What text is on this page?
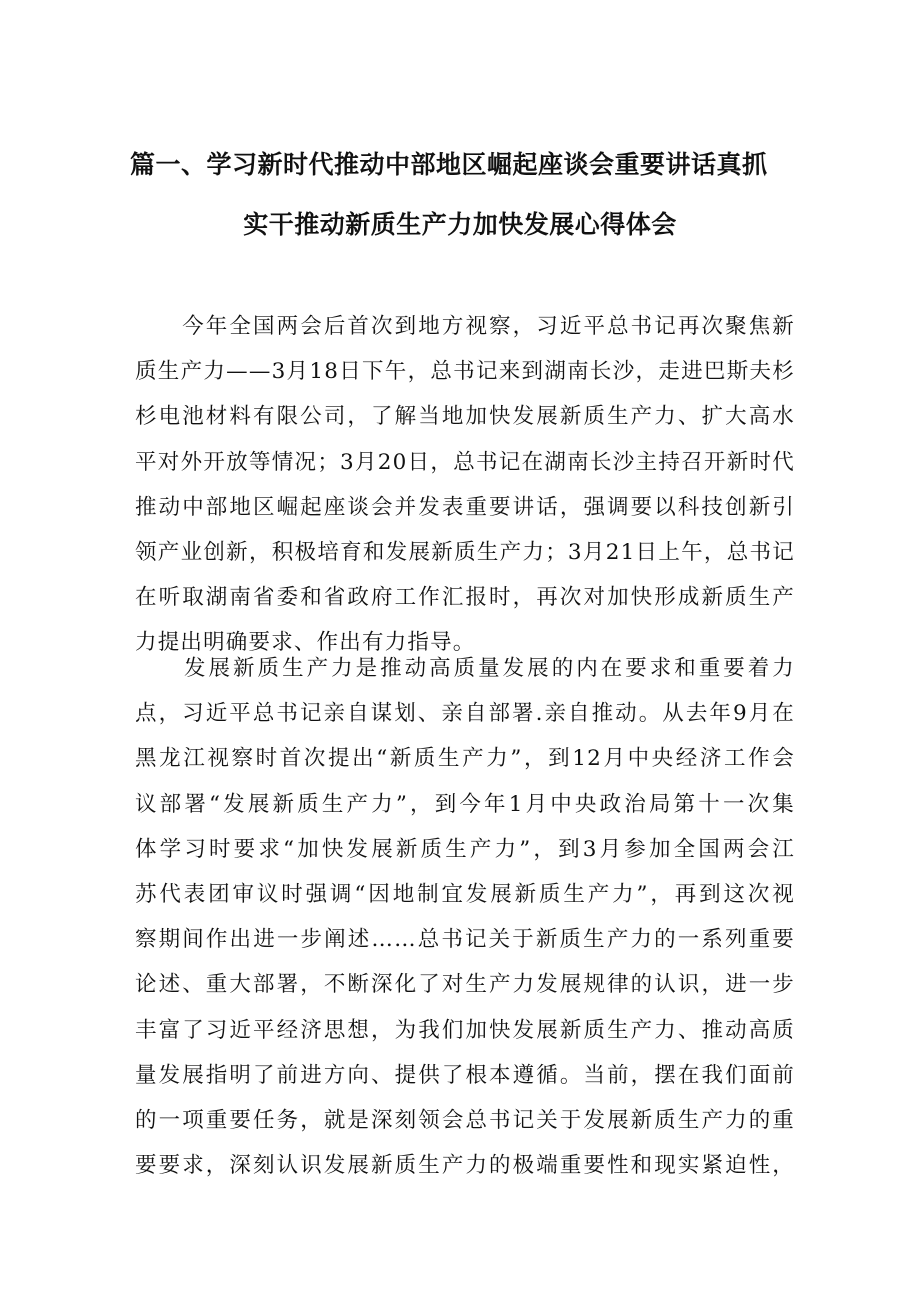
篇一、学习新时代推动中部地区崛起座谈会重要讲话真抓
实干推动新质生产力加快发展心得体会
　　今年全国两会后首次到地方视察，习近平总书记再次聚焦新
质生产力——3月18日下午，总书记来到湖南长沙，走进巴斯夫杉
杉电池材料有限公司，了解当地加快发展新质生产力、扩大高水
平对外开放等情况；3月20日，总书记在湖南长沙主持召开新时代
推动中部地区崛起座谈会并发表重要讲话，强调要以科技创新引
领产业创新，积极培育和发展新质生产力；3月21日上午，总书记
在听取湖南省委和省政府工作汇报时，再次对加快形成新质生产
力提出明确要求、作出有力指导。
　　发展新质生产力是推动高质量发展的内在要求和重要着力
点，习近平总书记亲自谋划、亲自部署.亲自推动。从去年9月在
黑龙江视察时首次提出“新质生产力”，到12月中央经济工作会
议部署“发展新质生产力”，到今年1月中央政治局第十一次集
体学习时要求“加快发展新质生产力”，到3月参加全国两会江
苏代表团审议时强调“因地制宜发展新质生产力”，再到这次视
察期间作出进一步阐述……总书记关于新质生产力的一系列重要
论述、重大部署，不断深化了对生产力发展规律的认识，进一步
丰富了习近平经济思想，为我们加快发展新质生产力、推动高质
量发展指明了前进方向、提供了根本遵循。当前，摆在我们面前
的一项重要任务，就是深刻领会总书记关于发展新质生产力的重
要要求，深刻认识发展新质生产力的极端重要性和现实紧迫性，
